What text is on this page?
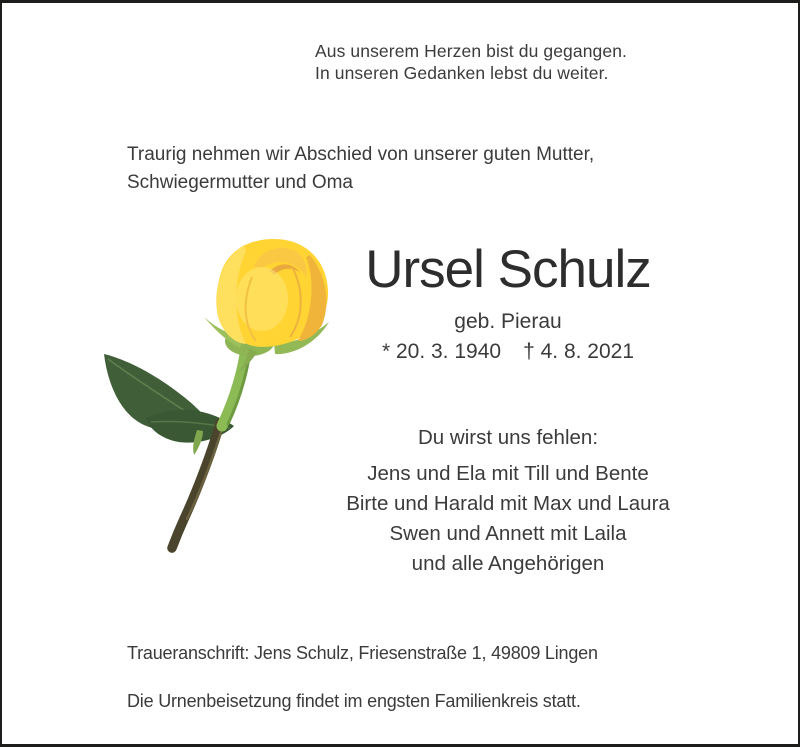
Aus unserem Herzen bist du gegangen.
In unseren Gedanken lebst du weiter.
Traurig nehmen wir Abschied von unserer guten Mutter,
Schwiegermutter und Oma
Ursel Schulz
geb. Pierau
* 20. 3. 1940 † 4. 8. 2021
Du wirst uns fehlen:
Jens und Ela mit Till und Bente
Birte und Harald mit Max und Laura
Swen und Annett mit Laila
und alle Angehörigen
Traueranschrift: Jens Schulz, Friesenstraße 1, 49809 Lingen
Die Urnenbeisetzung findet im engsten Familienkreis statt.
